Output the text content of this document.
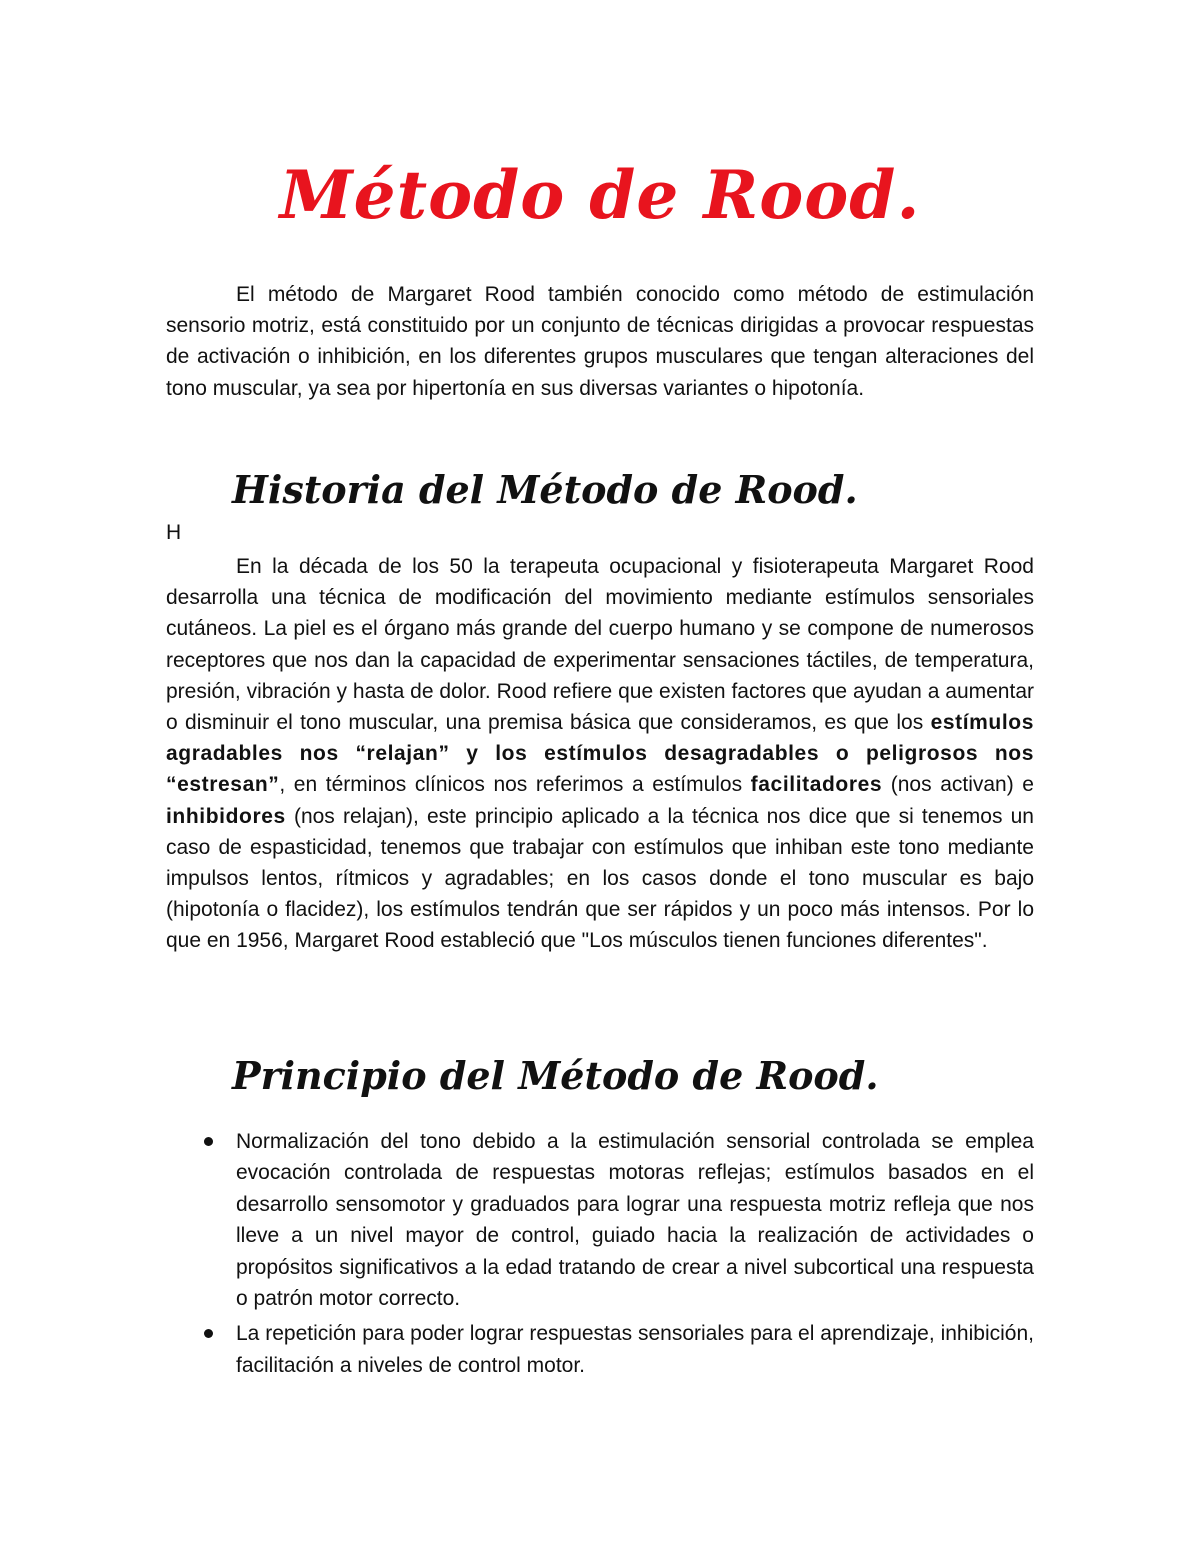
Método de Rood.

El método de Margaret Rood también conocido como método de estimulación sensorio motriz, está constituido por un conjunto de técnicas dirigidas a provocar respuestas de activación o inhibición, en los diferentes grupos musculares que tengan alteraciones del tono muscular, ya sea por hipertonía en sus diversas variantes o hipotonía.

Historia del Método de Rood.
H

En la década de los 50 la terapeuta ocupacional y fisioterapeuta Margaret Rood desarrolla una técnica de modificación del movimiento mediante estímulos sensoriales cutáneos. La piel es el órgano más grande del cuerpo humano y se compone de numerosos receptores que nos dan la capacidad de experimentar sensaciones táctiles, de temperatura, presión, vibración y hasta de dolor. Rood refiere que existen factores que ayudan a aumentar o disminuir el tono muscular, una premisa básica que consideramos, es que los estímulos agradables nos “relajan” y los estímulos desagradables o peligrosos nos “estresan”, en términos clínicos nos referimos a estímulos facilitadores (nos activan) e inhibidores (nos relajan), este principio aplicado a la técnica nos dice que si tenemos un caso de espasticidad, tenemos que trabajar con estímulos que inhiban este tono mediante impulsos lentos, rítmicos y agradables; en los casos donde el tono muscular es bajo (hipotonía o flacidez), los estímulos tendrán que ser rápidos y un poco más intensos. Por lo que en 1956, Margaret Rood estableció que "Los músculos tienen funciones diferentes".

Principio del Método de Rood.
Normalización del tono debido a la estimulación sensorial controlada se emplea evocación controlada de respuestas motoras reflejas; estímulos basados en el desarrollo sensomotor y graduados para lograr una respuesta motriz refleja que nos lleve a un nivel mayor de control, guiado hacia la realización de actividades o propósitos significativos a la edad tratando de crear a nivel subcortical una respuesta o patrón motor correcto.
La repetición para poder lograr respuestas sensoriales para el aprendizaje, inhibición, facilitación a niveles de control motor.
